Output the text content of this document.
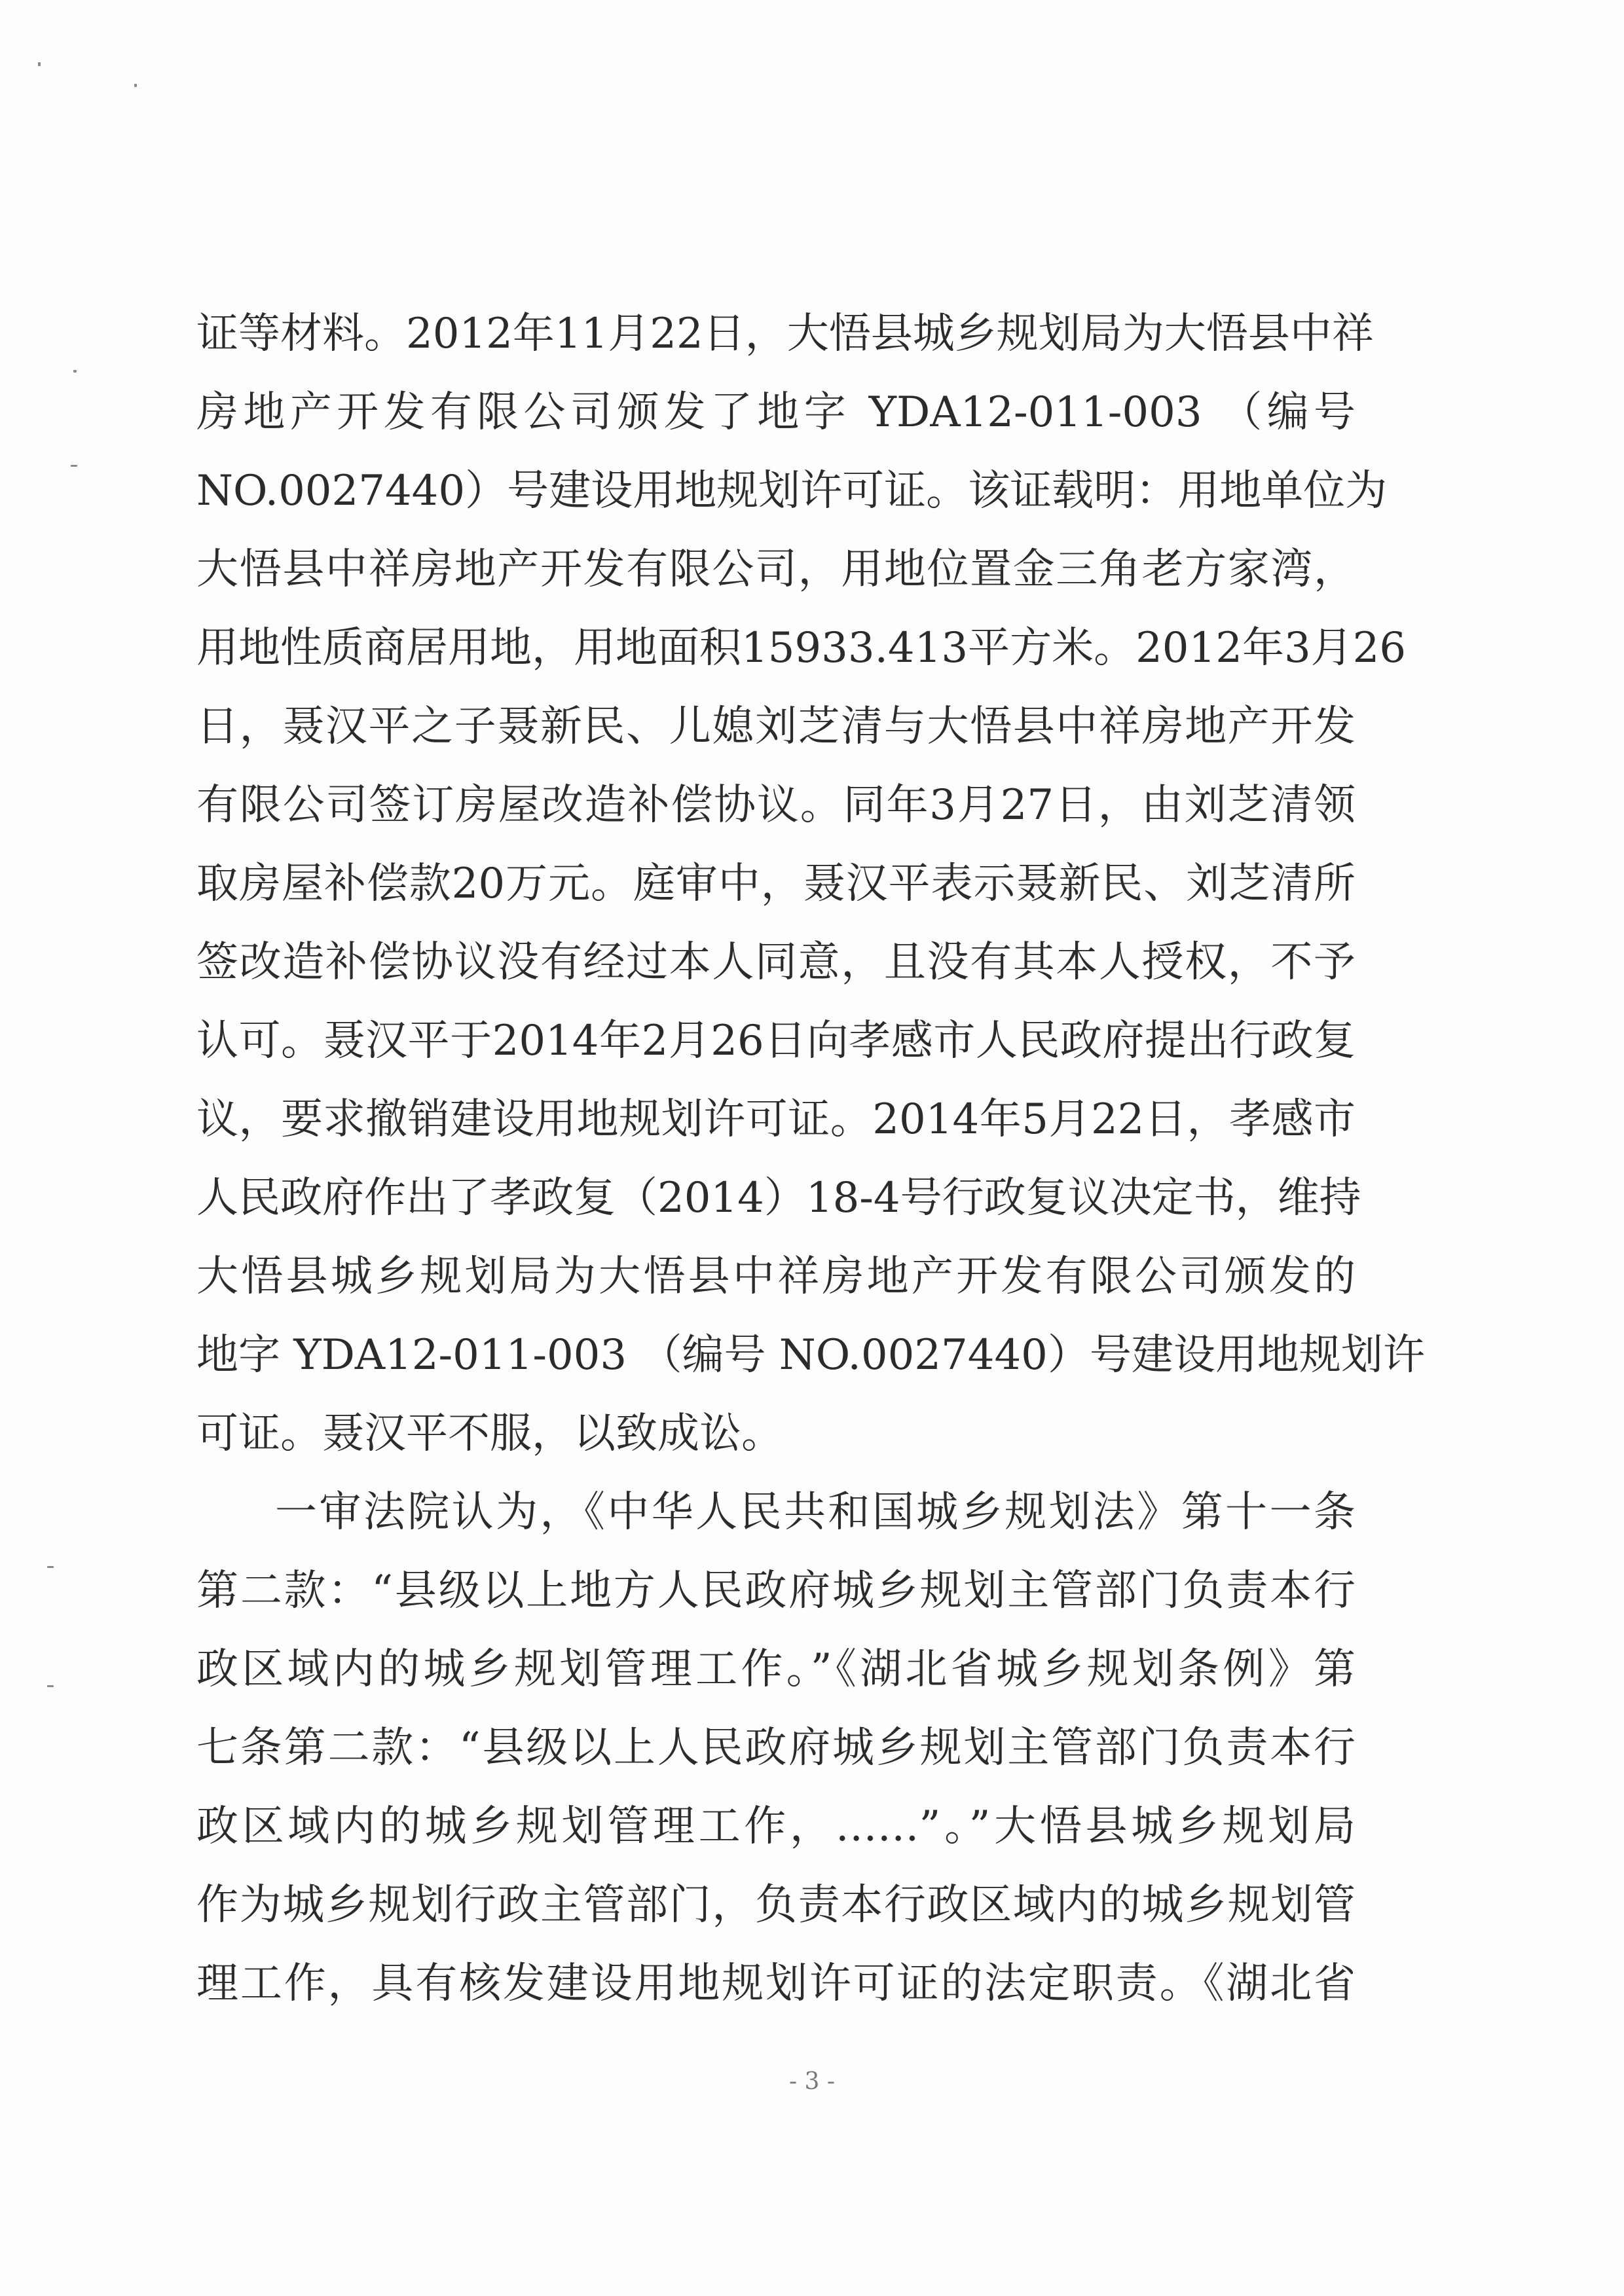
证等材料。2012年11月22日，大悟县城乡规划局为大悟县中祥
房地产开发有限公司颁发了地字 YDA12-011-003 （编号
NO.0027440）号建设用地规划许可证。该证载明：用地单位为
大悟县中祥房地产开发有限公司，用地位置金三角老方家湾，
用地性质商居用地，用地面积15933.413平方米。2012年3月26
日，聂汉平之子聂新民、儿媳刘芝清与大悟县中祥房地产开发
有限公司签订房屋改造补偿协议。同年3月27日，由刘芝清领
取房屋补偿款20万元。庭审中，聂汉平表示聂新民、刘芝清所
签改造补偿协议没有经过本人同意，且没有其本人授权，不予
认可。聂汉平于2014年2月26日向孝感市人民政府提出行政复
议，要求撤销建设用地规划许可证。2014年5月22日，孝感市
人民政府作出了孝政复（2014）18-4号行政复议决定书，维持
大悟县城乡规划局为大悟县中祥房地产开发有限公司颁发的
地字 YDA12-011-003 （编号 NO.0027440）号建设用地规划许
可证。聂汉平不服，以致成讼。
一审法院认为，《中华人民共和国城乡规划法》第十一条
第二款：“县级以上地方人民政府城乡规划主管部门负责本行
政区域内的城乡规划管理工作。”《湖北省城乡规划条例》第
七条第二款：“县级以上人民政府城乡规划主管部门负责本行
政区域内的城乡规划管理工作，……”。”大悟县城乡规划局
作为城乡规划行政主管部门，负责本行政区域内的城乡规划管
理工作，具有核发建设用地规划许可证的法定职责。《湖北省
- 3 -
